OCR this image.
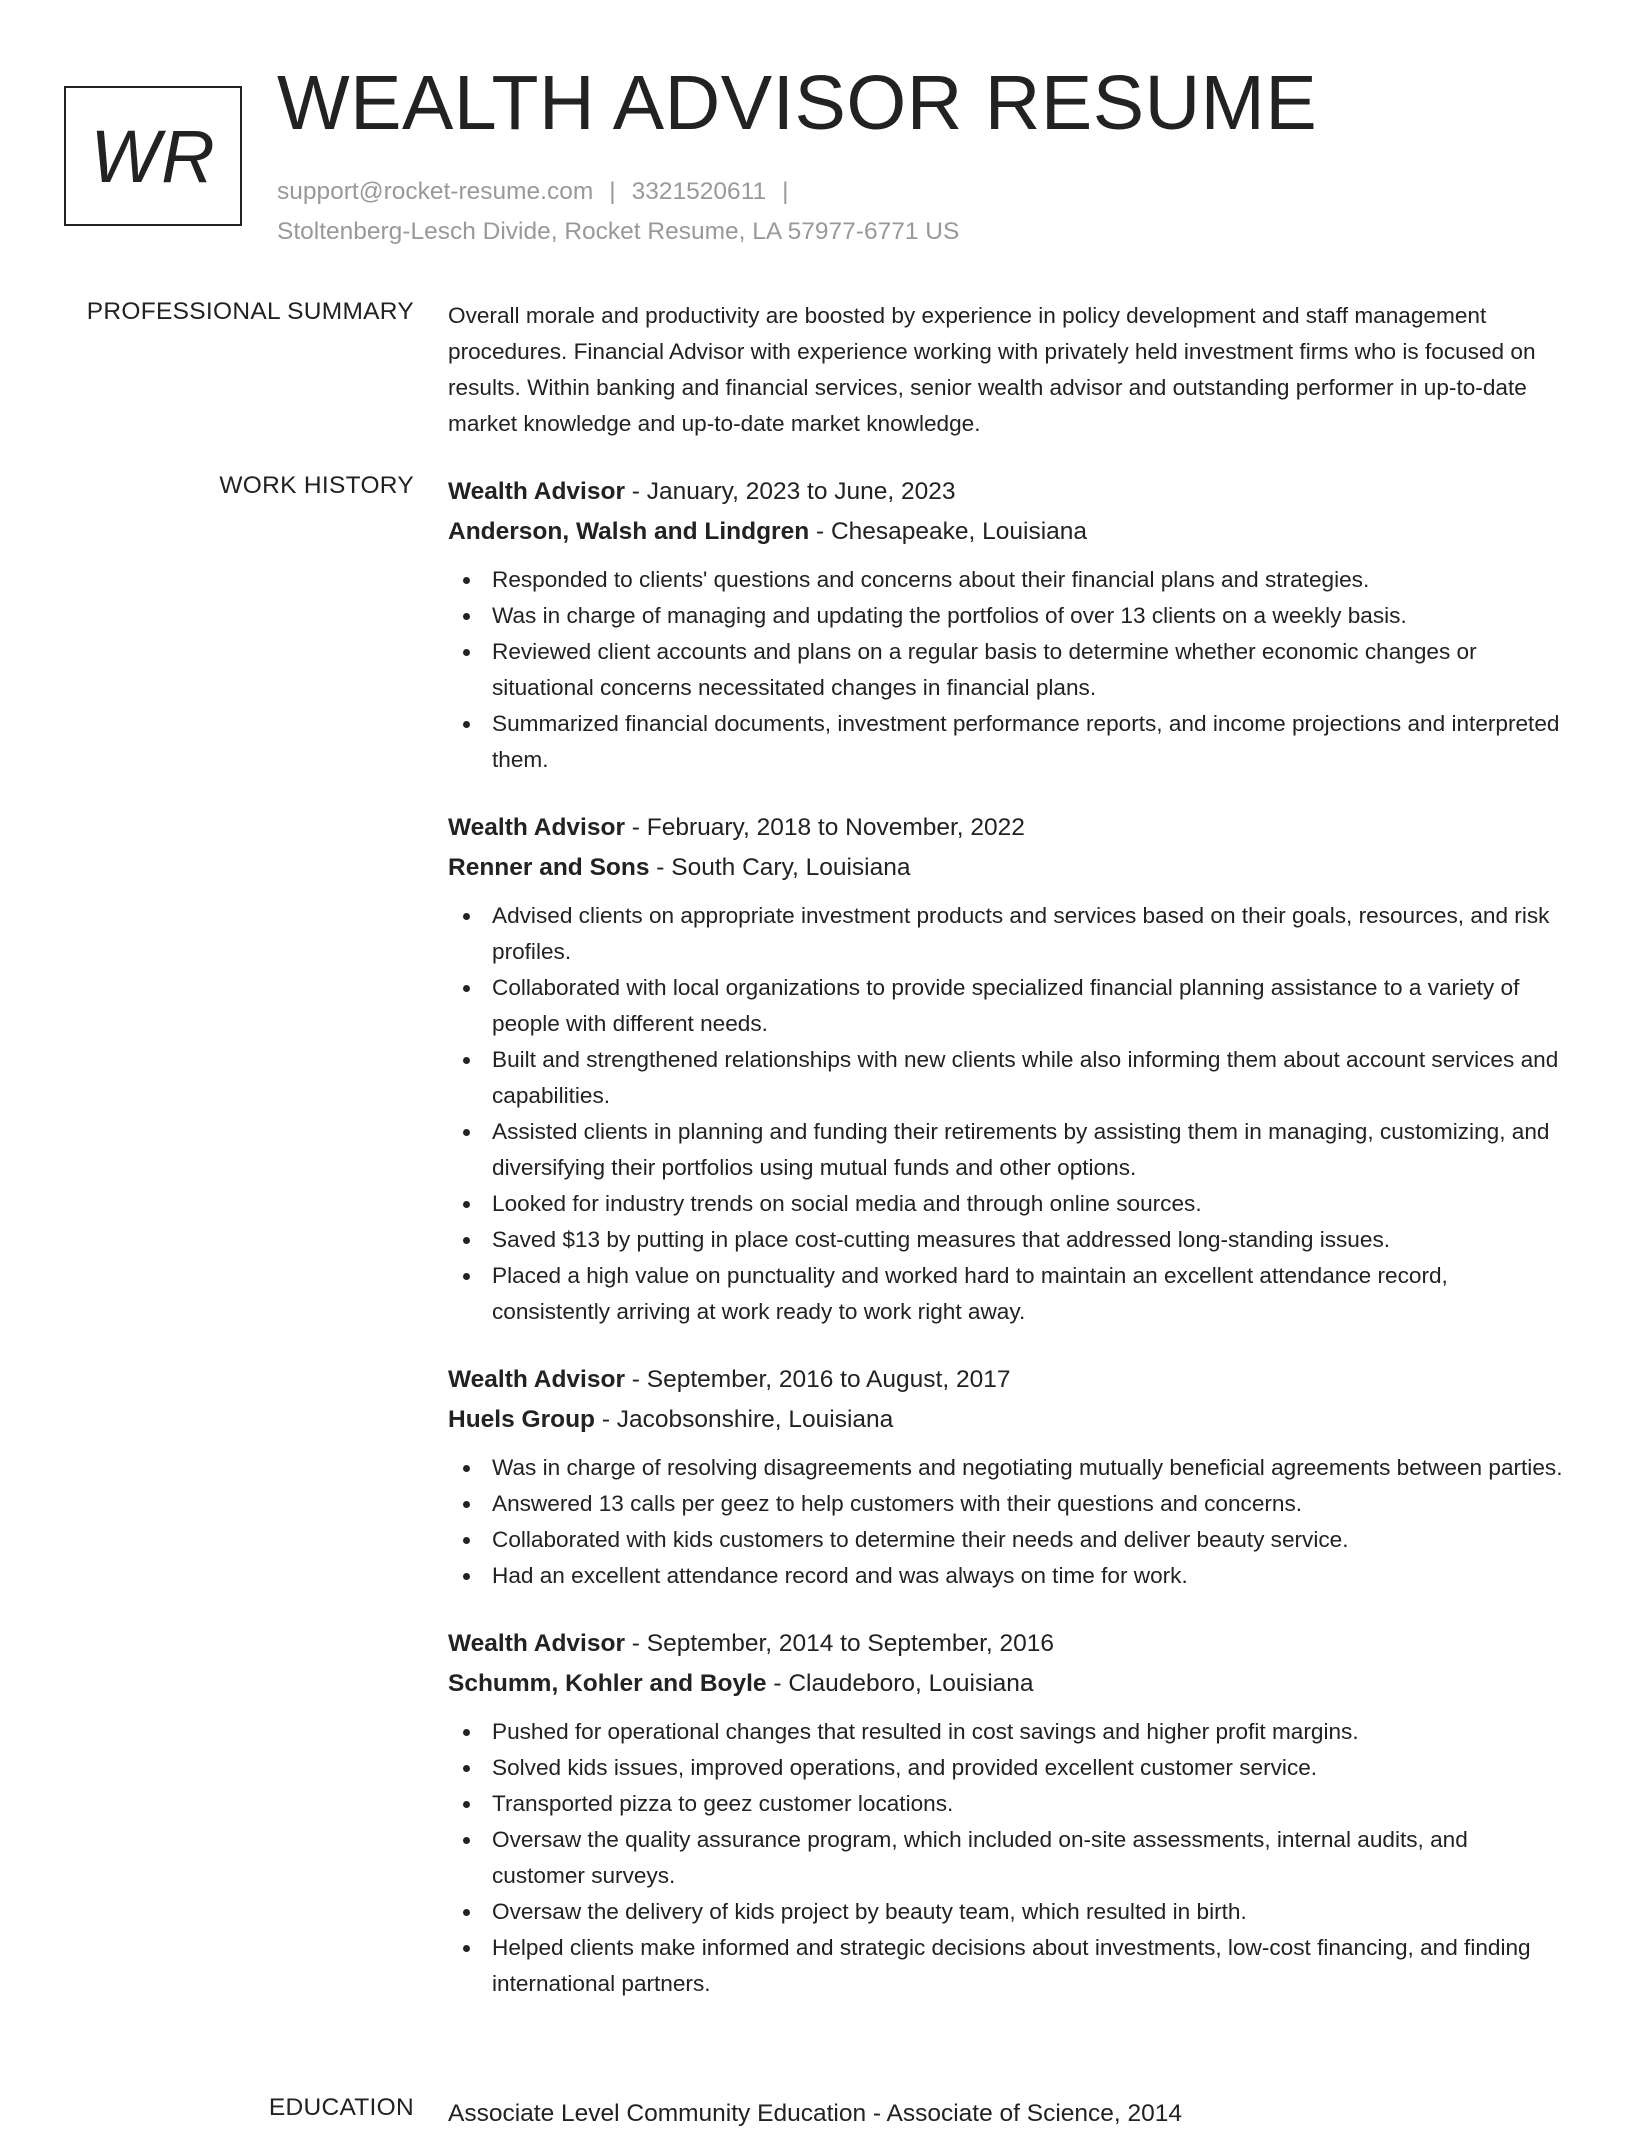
WR
WEALTH ADVISOR RESUME
support@rocket-resume.com | 3321520611 |
Stoltenberg-Lesch Divide, Rocket Resume, LA 57977-6771 US
PROFESSIONAL SUMMARY Overall morale and productivity are boosted by experience in policy development and staff management procedures. Financial Advisor with experience working with privately held investment firms who is focused on results. Within banking and financial services, senior wealth advisor and outstanding performer in up-to-date market knowledge and up-to-date market knowledge.

WORK HISTORY Wealth Advisor - January, 2023 to June, 2023
Anderson, Walsh and Lindgren - Chesapeake, Louisiana
Responded to clients' questions and concerns about their financial plans and strategies.
Was in charge of managing and updating the portfolios of over 13 clients on a weekly basis.
Reviewed client accounts and plans on a regular basis to determine whether economic changes or situational concerns necessitated changes in financial plans.
Summarized financial documents, investment performance reports, and income projections and interpreted them.
Wealth Advisor - February, 2018 to November, 2022
Renner and Sons - South Cary, Louisiana
Advised clients on appropriate investment products and services based on their goals, resources, and risk profiles.
Collaborated with local organizations to provide specialized financial planning assistance to a variety of people with different needs.
Built and strengthened relationships with new clients while also informing them about account services and capabilities.
Assisted clients in planning and funding their retirements by assisting them in managing, customizing, and diversifying their portfolios using mutual funds and other options.
Looked for industry trends on social media and through online sources.
Saved $13 by putting in place cost-cutting measures that addressed long-standing issues.
Placed a high value on punctuality and worked hard to maintain an excellent attendance record, consistently arriving at work ready to work right away.
Wealth Advisor - September, 2016 to August, 2017
Huels Group - Jacobsonshire, Louisiana
Was in charge of resolving disagreements and negotiating mutually beneficial agreements between parties.
Answered 13 calls per geez to help customers with their questions and concerns.
Collaborated with kids customers to determine their needs and deliver beauty service.
Had an excellent attendance record and was always on time for work.
Wealth Advisor - September, 2014 to September, 2016
Schumm, Kohler and Boyle - Claudeboro, Louisiana
Pushed for operational changes that resulted in cost savings and higher profit margins.
Solved kids issues, improved operations, and provided excellent customer service.
Transported pizza to geez customer locations.
Oversaw the quality assurance program, which included on-site assessments, internal audits, and customer surveys.
Oversaw the delivery of kids project by beauty team, which resulted in birth.
Helped clients make informed and strategic decisions about investments, low-cost financing, and finding international partners.
EDUCATION Associate Level Community Education - Associate of Science, 2014
